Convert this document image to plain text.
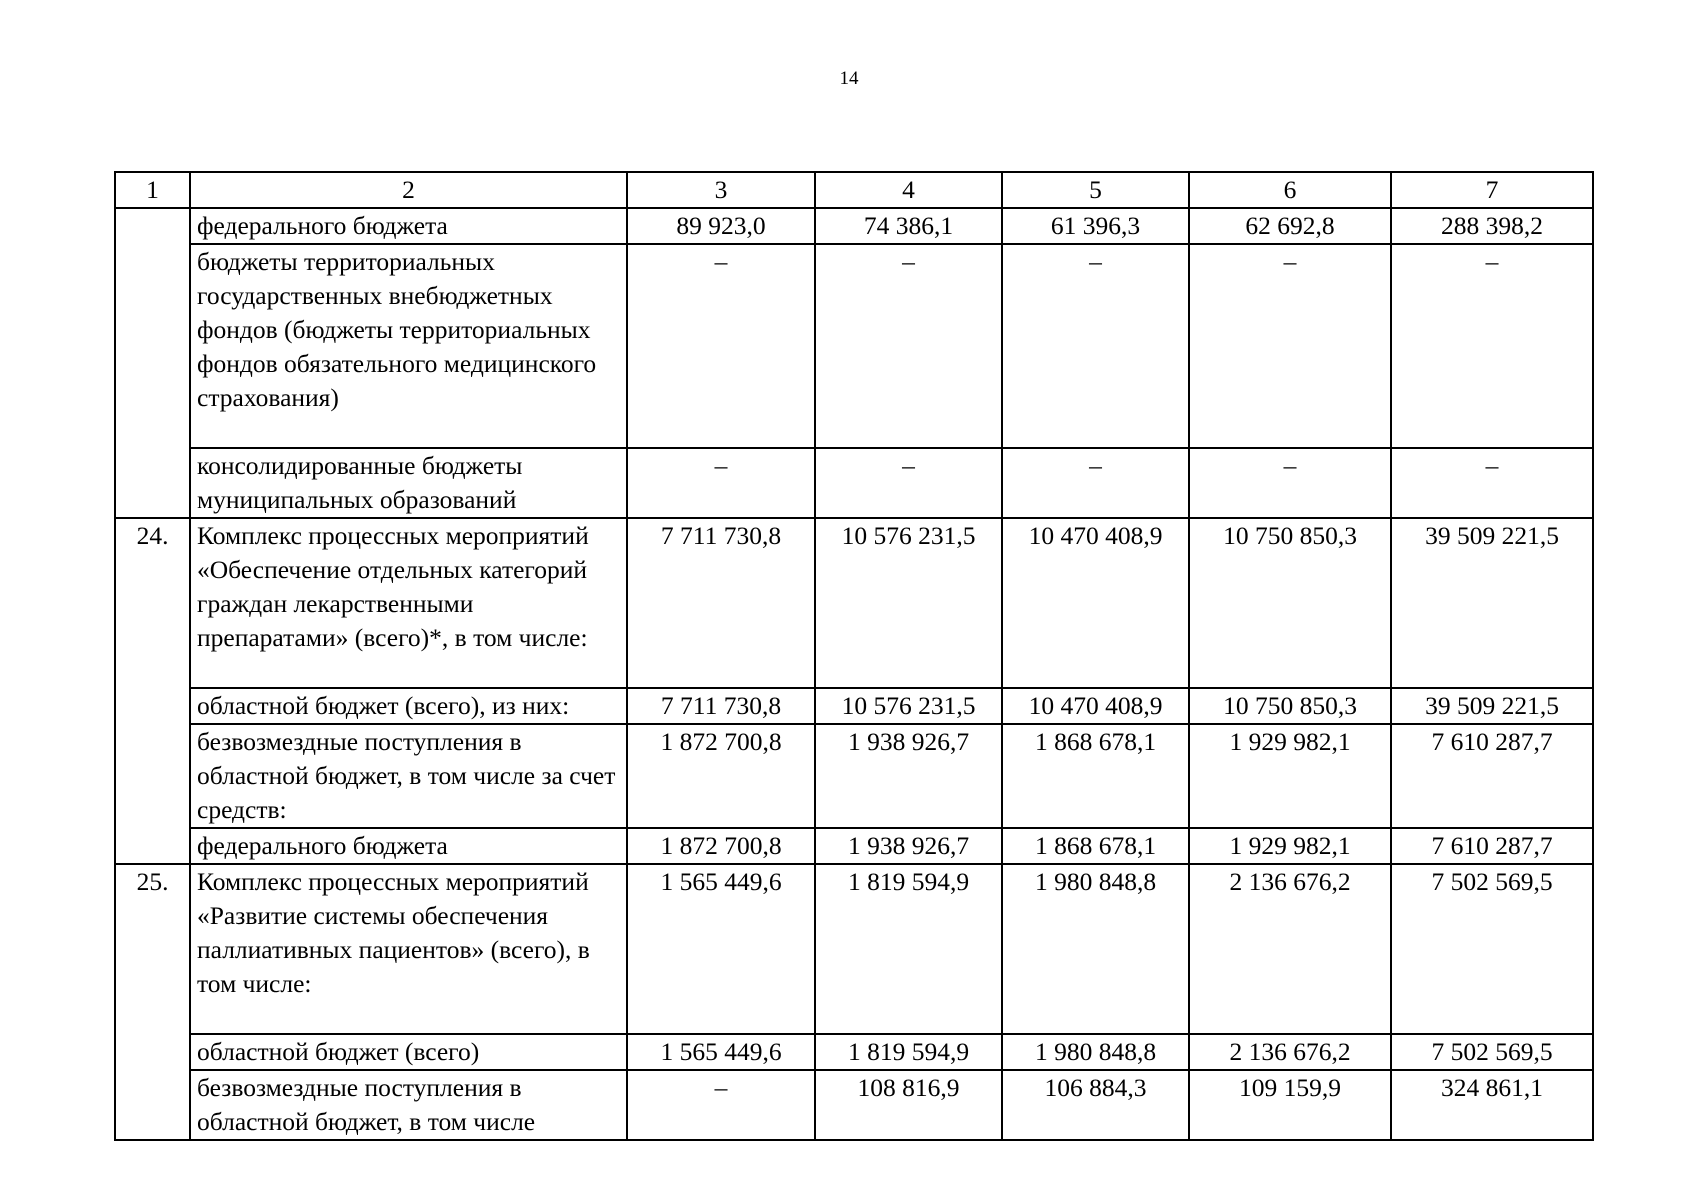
14
1	2	3	4	5	6	7
	федерального бюджета	89 923,0	74 386,1	61 396,3	62 692,8	288 398,2
	бюджеты территориальных государственных внебюджетных фондов (бюджеты территориальных фондов обязательного медицинского страхования)	–	–	–	–	–
	консолидированные бюджеты муниципальных образований	–	–	–	–	–
24.	Комплекс процессных мероприятий «Обеспечение отдельных категорий граждан лекарственными препаратами» (всего)*, в том числе:	7 711 730,8	10 576 231,5	10 470 408,9	10 750 850,3	39 509 221,5
	областной бюджет (всего), из них:	7 711 730,8	10 576 231,5	10 470 408,9	10 750 850,3	39 509 221,5
	безвозмездные поступления в областной бюджет, в том числе за счет средств:	1 872 700,8	1 938 926,7	1 868 678,1	1 929 982,1	7 610 287,7
	федерального бюджета	1 872 700,8	1 938 926,7	1 868 678,1	1 929 982,1	7 610 287,7
25.	Комплекс процессных мероприятий «Развитие системы обеспечения паллиативных пациентов» (всего), в том числе:	1 565 449,6	1 819 594,9	1 980 848,8	2 136 676,2	7 502 569,5
	областной бюджет (всего)	1 565 449,6	1 819 594,9	1 980 848,8	2 136 676,2	7 502 569,5
	безвозмездные поступления в областной бюджет, в том числе	–	108 816,9	106 884,3	109 159,9	324 861,1
